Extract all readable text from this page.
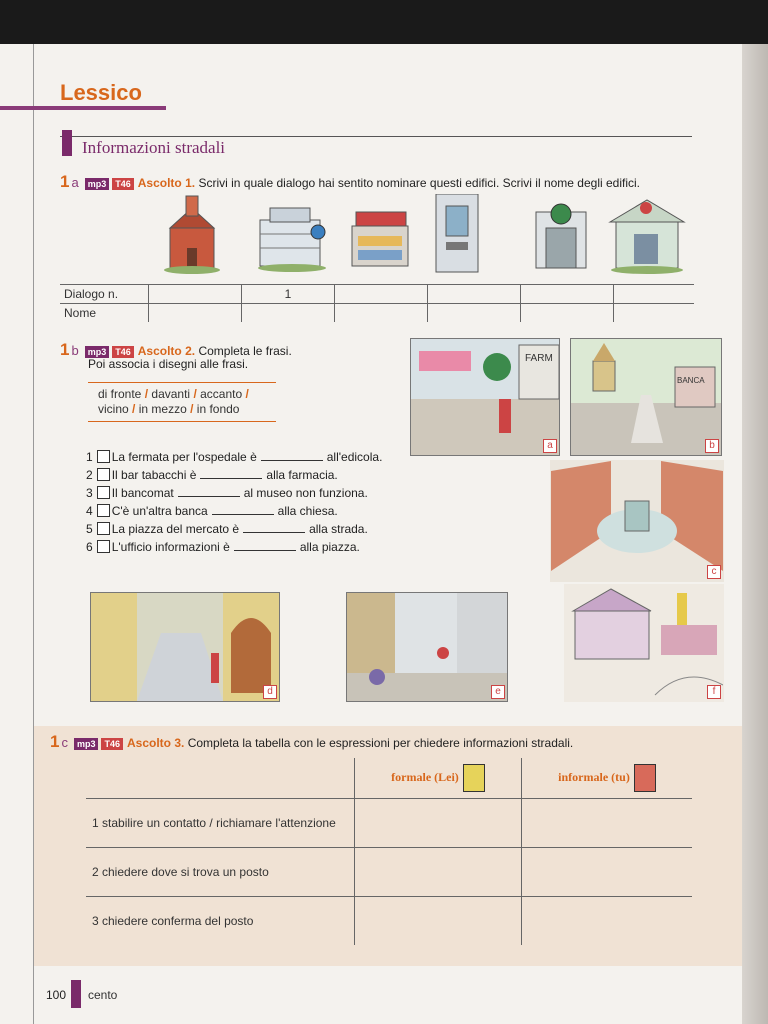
Lessico
Informazioni stradali
1 a mp3 T46 Ascolto 1. Scrivi in quale dialogo hai sentito nominare questi edifici. Scrivi il nome degli edifici.
Dialogo n.		1				
Nome						
1 b mp3 T46 Ascolto 2. Completa le frasi.
Poi associa i disegni alle frasi.
di fronte / davanti / accanto /
vicino / in mezzo / in fondo
1 La fermata per l'ospedale è	all'edicola.
2 Il bar tabacchi è	alla farmacia.
3 Il bancomat	al museo non funziona.
4 C'è un'altra banca	alla chiesa.
5 La piazza del mercato è	alla strada.
6 L'ufficio informazioni è	alla piazza.
FARM
a
BANCA
b
c
d	e	f
1 c mp3 T46 Ascolto 3. Completa la tabella con le espressioni per chiedere informazioni stradali.
	formale (Lei)	informale (tu)
1 stabilire un contatto / richiamare l'attenzione		
2 chiedere dove si trova un posto		
3 chiedere conferma del posto		
100 cento
